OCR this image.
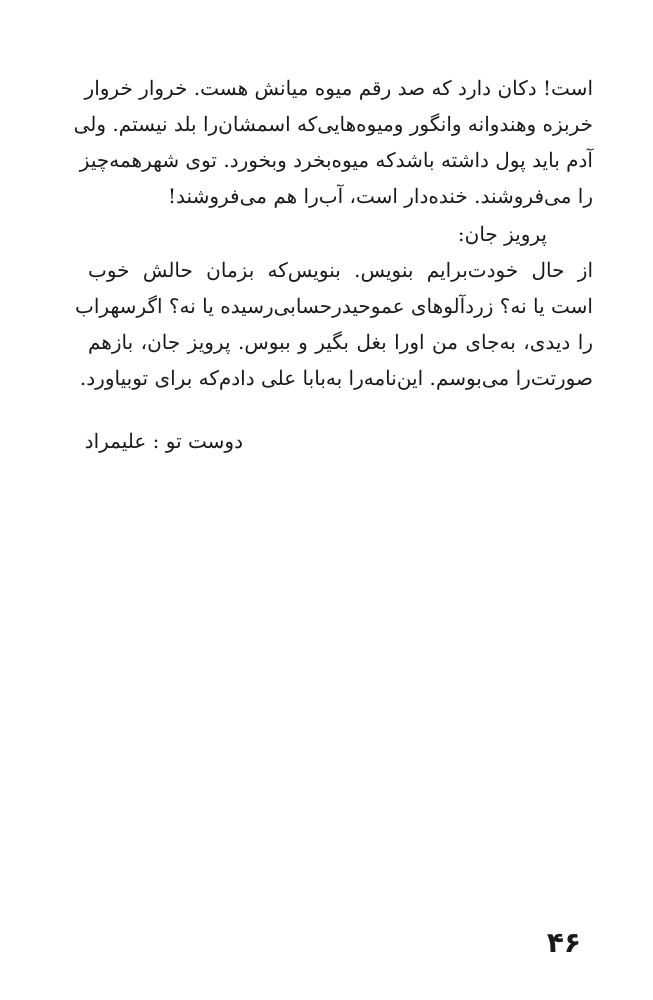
است! دکان دارد که صد رقم میوه میانش هست. خروار خروار
خربزه وهندوانه وانگور ومیوه‌هایی‌که اسمشان‌را بلد نیستم. ولی
آدم باید پول داشته باشدکه میوه‌بخرد وبخورد. توی شهرهمه‌چیز
را می‌فروشند. خنده‌دار است، آب‌را هم می‌فروشند!
پرویز جان:
از حال خودت‌برایم بنویس. بنویس‌که بزمان حالش خوب
است یا نه؟ زردآلوهای عموحیدرحسابی‌رسیده یا نه؟ اگرسهراب
را دیدی، به‌جای من اورا بغل بگیر و ببوس. پرویز جان، بازهم
صورتت‌را می‌بوسم. این‌نامه‌را به‌بابا علی دادم‌که برای تو‌بیاورد.
دوست تو : علیمراد
۴۶
